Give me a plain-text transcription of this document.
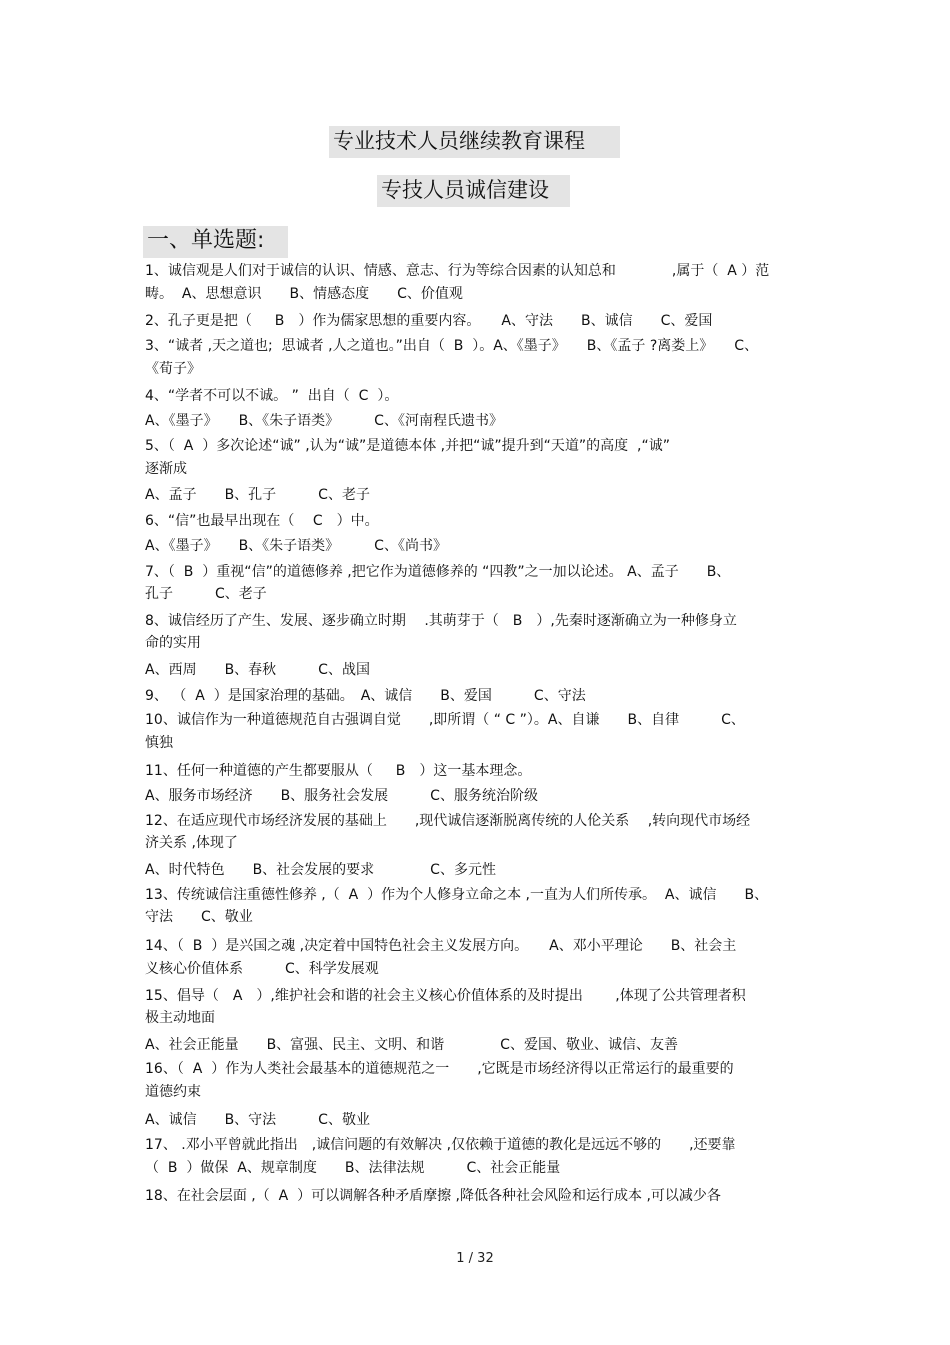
专业技术人员继续教育课程
专技人员诚信建设
一、单选题:
1、诚信观是人们对于诚信的认识、情感、意志、行为等综合因素的认知总和　　　　,属于（  A ）范
畴。  A、思想意识　　B、情感态度　　C、价值观
2、孔子更是把（　  B　）作为儒家思想的重要内容。　　A、守法　　B、诚信　　C、爱国
3、“诚者 ,天之道也;  思诚者 ,人之道也。”出自（  B  ）。A、《墨子》　　B、《孟子 ?离娄上》　　C、
《荀子》
4、“学者不可以不诚。 ”  出自（  C  ）。
A、《墨子》　　B、《朱子语类》　　　C、《河南程氏遗书》
5、（  A  ）多次论述“诚” ,认为“诚”是道德本体 ,并把“诚”提升到“天道”的高度  ,“诚”
逐渐成
A、孟子　　B、孔子　　　C、老子
6、“信”也最早出现在（　 C　）中。
A、《墨子》　　B、《朱子语类》　　　C、《尚书》
7、（  B  ）重视“信”的道德修养 ,把它作为道德修养的 “四教”之一加以论述。 A、孟子　　B、
孔子　　　C、老子
8、诚信经历了产生、发展、逐步确立时期　 .其萌芽于（　B　）,先秦时逐渐确立为一种修身立
命的实用
A、西周　　B、春秋　　　C、战国
9、 （  A  ）是国家治理的基础。　A、诚信　　B、爱国　　　C、守法
10、诚信作为一种道德规范自古强调自觉　　,即所谓（ “ C ”）。A、自谦　　B、自律　　　C、
慎独
11、任何一种道德的产生都要服从（　  B　）这一基本理念。
A、服务市场经济　　B、服务社会发展　　　C、服务统治阶级
12、在适应现代市场经济发展的基础上　　,现代诚信逐渐脱离传统的人伦关系　 ,转向现代市场经
济关系 ,体现了
A、时代特色　　B、社会发展的要求　　　　C、多元性
13、传统诚信注重德性修养 ,（  A  ）作为个人修身立命之本 ,一直为人们所传承。  A、诚信　　B、
守法　　C、敬业
14、（  B  ）是兴国之魂 ,决定着中国特色社会主义发展方向。　　A、邓小平理论　　B、社会主
义核心价值体系　　　C、科学发展观
15、倡导（　A　）,维护社会和谐的社会主义核心价值体系的及时提出　　 ,体现了公共管理者积
极主动地面
A、社会正能量　　B、富强、民主、文明、和谐　　　　C、爱国、敬业、诚信、友善
16、（  A  ）作为人类社会最基本的道德规范之一　　,它既是市场经济得以正常运行的最重要的
道德约束
A、诚信　　B、守法　　　C、敬业
17、 .邓小平曾就此指出　,诚信问题的有效解决 ,仅依赖于道德的教化是远远不够的　　,还要靠
（  B  ）做保  A、规章制度　　B、法律法规　　　C、社会正能量
18、在社会层面 ,（  A  ）可以调解各种矛盾摩擦 ,降低各种社会风险和运行成本 ,可以减少各
1 / 32
